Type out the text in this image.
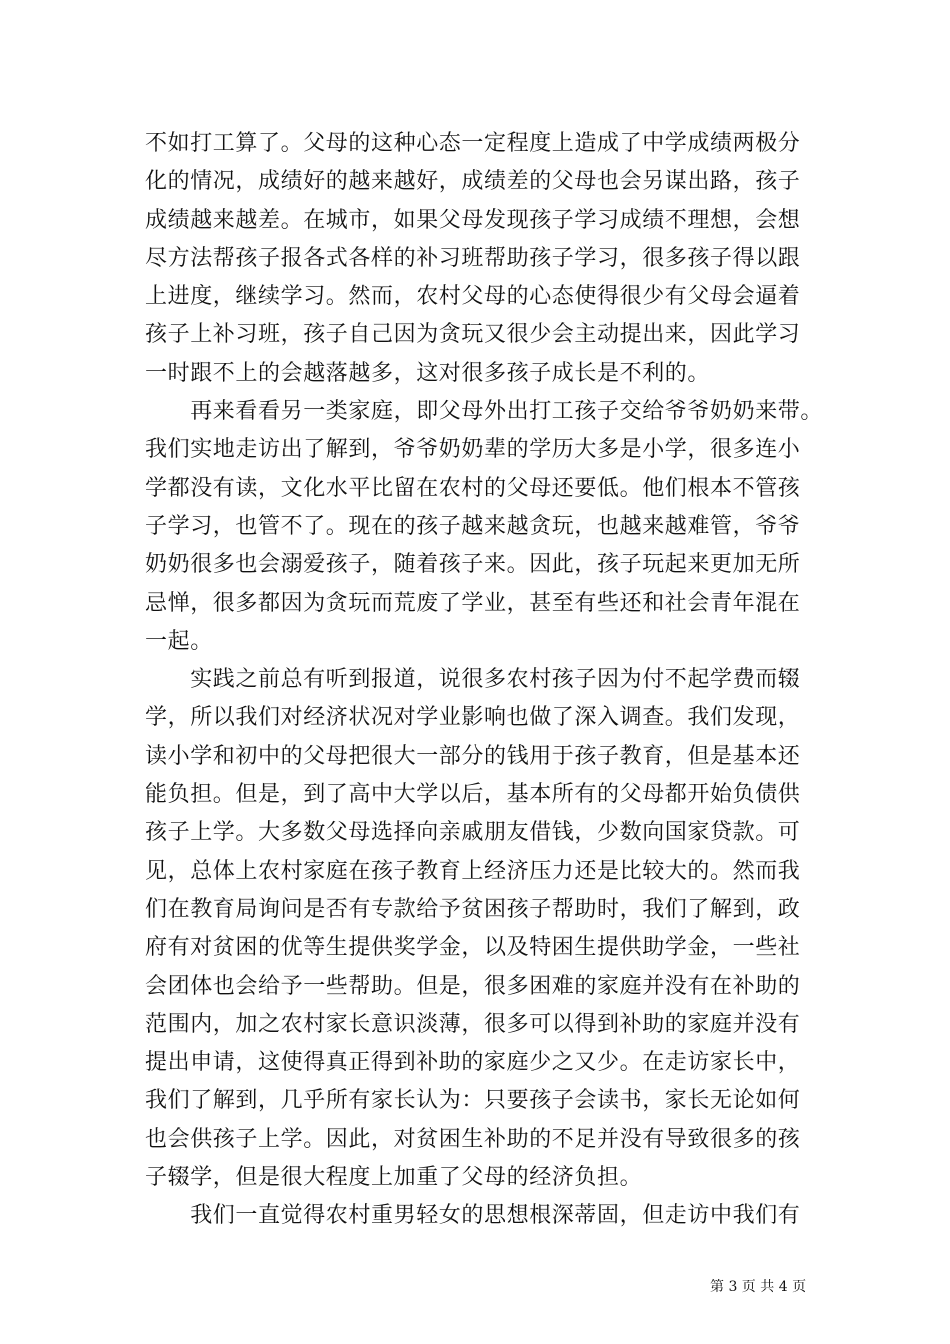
不如打工算了。父母的这种心态一定程度上造成了中学成绩两极分
化的情况，成绩好的越来越好，成绩差的父母也会另谋出路，孩子
成绩越来越差。在城市，如果父母发现孩子学习成绩不理想，会想
尽方法帮孩子报各式各样的补习班帮助孩子学习，很多孩子得以跟
上进度，继续学习。然而，农村父母的心态使得很少有父母会逼着
孩子上补习班，孩子自己因为贪玩又很少会主动提出来，因此学习
一时跟不上的会越落越多，这对很多孩子成长是不利的。
　　再来看看另一类家庭，即父母外出打工孩子交给爷爷奶奶来带。
我们实地走访出了解到，爷爷奶奶辈的学历大多是小学，很多连小
学都没有读，文化水平比留在农村的父母还要低。他们根本不管孩
子学习，也管不了。现在的孩子越来越贪玩，也越来越难管，爷爷
奶奶很多也会溺爱孩子，随着孩子来。因此，孩子玩起来更加无所
忌惮，很多都因为贪玩而荒废了学业，甚至有些还和社会青年混在
一起。
　　实践之前总有听到报道，说很多农村孩子因为付不起学费而辍
学，所以我们对经济状况对学业影响也做了深入调查。我们发现，
读小学和初中的父母把很大一部分的钱用于孩子教育，但是基本还
能负担。但是，到了高中大学以后，基本所有的父母都开始负债供
孩子上学。大多数父母选择向亲戚朋友借钱，少数向国家贷款。可
见，总体上农村家庭在孩子教育上经济压力还是比较大的。然而我
们在教育局询问是否有专款给予贫困孩子帮助时，我们了解到，政
府有对贫困的优等生提供奖学金，以及特困生提供助学金，一些社
会团体也会给予一些帮助。但是，很多困难的家庭并没有在补助的
范围内，加之农村家长意识淡薄，很多可以得到补助的家庭并没有
提出申请，这使得真正得到补助的家庭少之又少。在走访家长中，
我们了解到，几乎所有家长认为：只要孩子会读书，家长无论如何
也会供孩子上学。因此，对贫困生补助的不足并没有导致很多的孩
子辍学，但是很大程度上加重了父母的经济负担。
　　我们一直觉得农村重男轻女的思想根深蒂固，但走访中我们有
第 3 页 共 4 页
